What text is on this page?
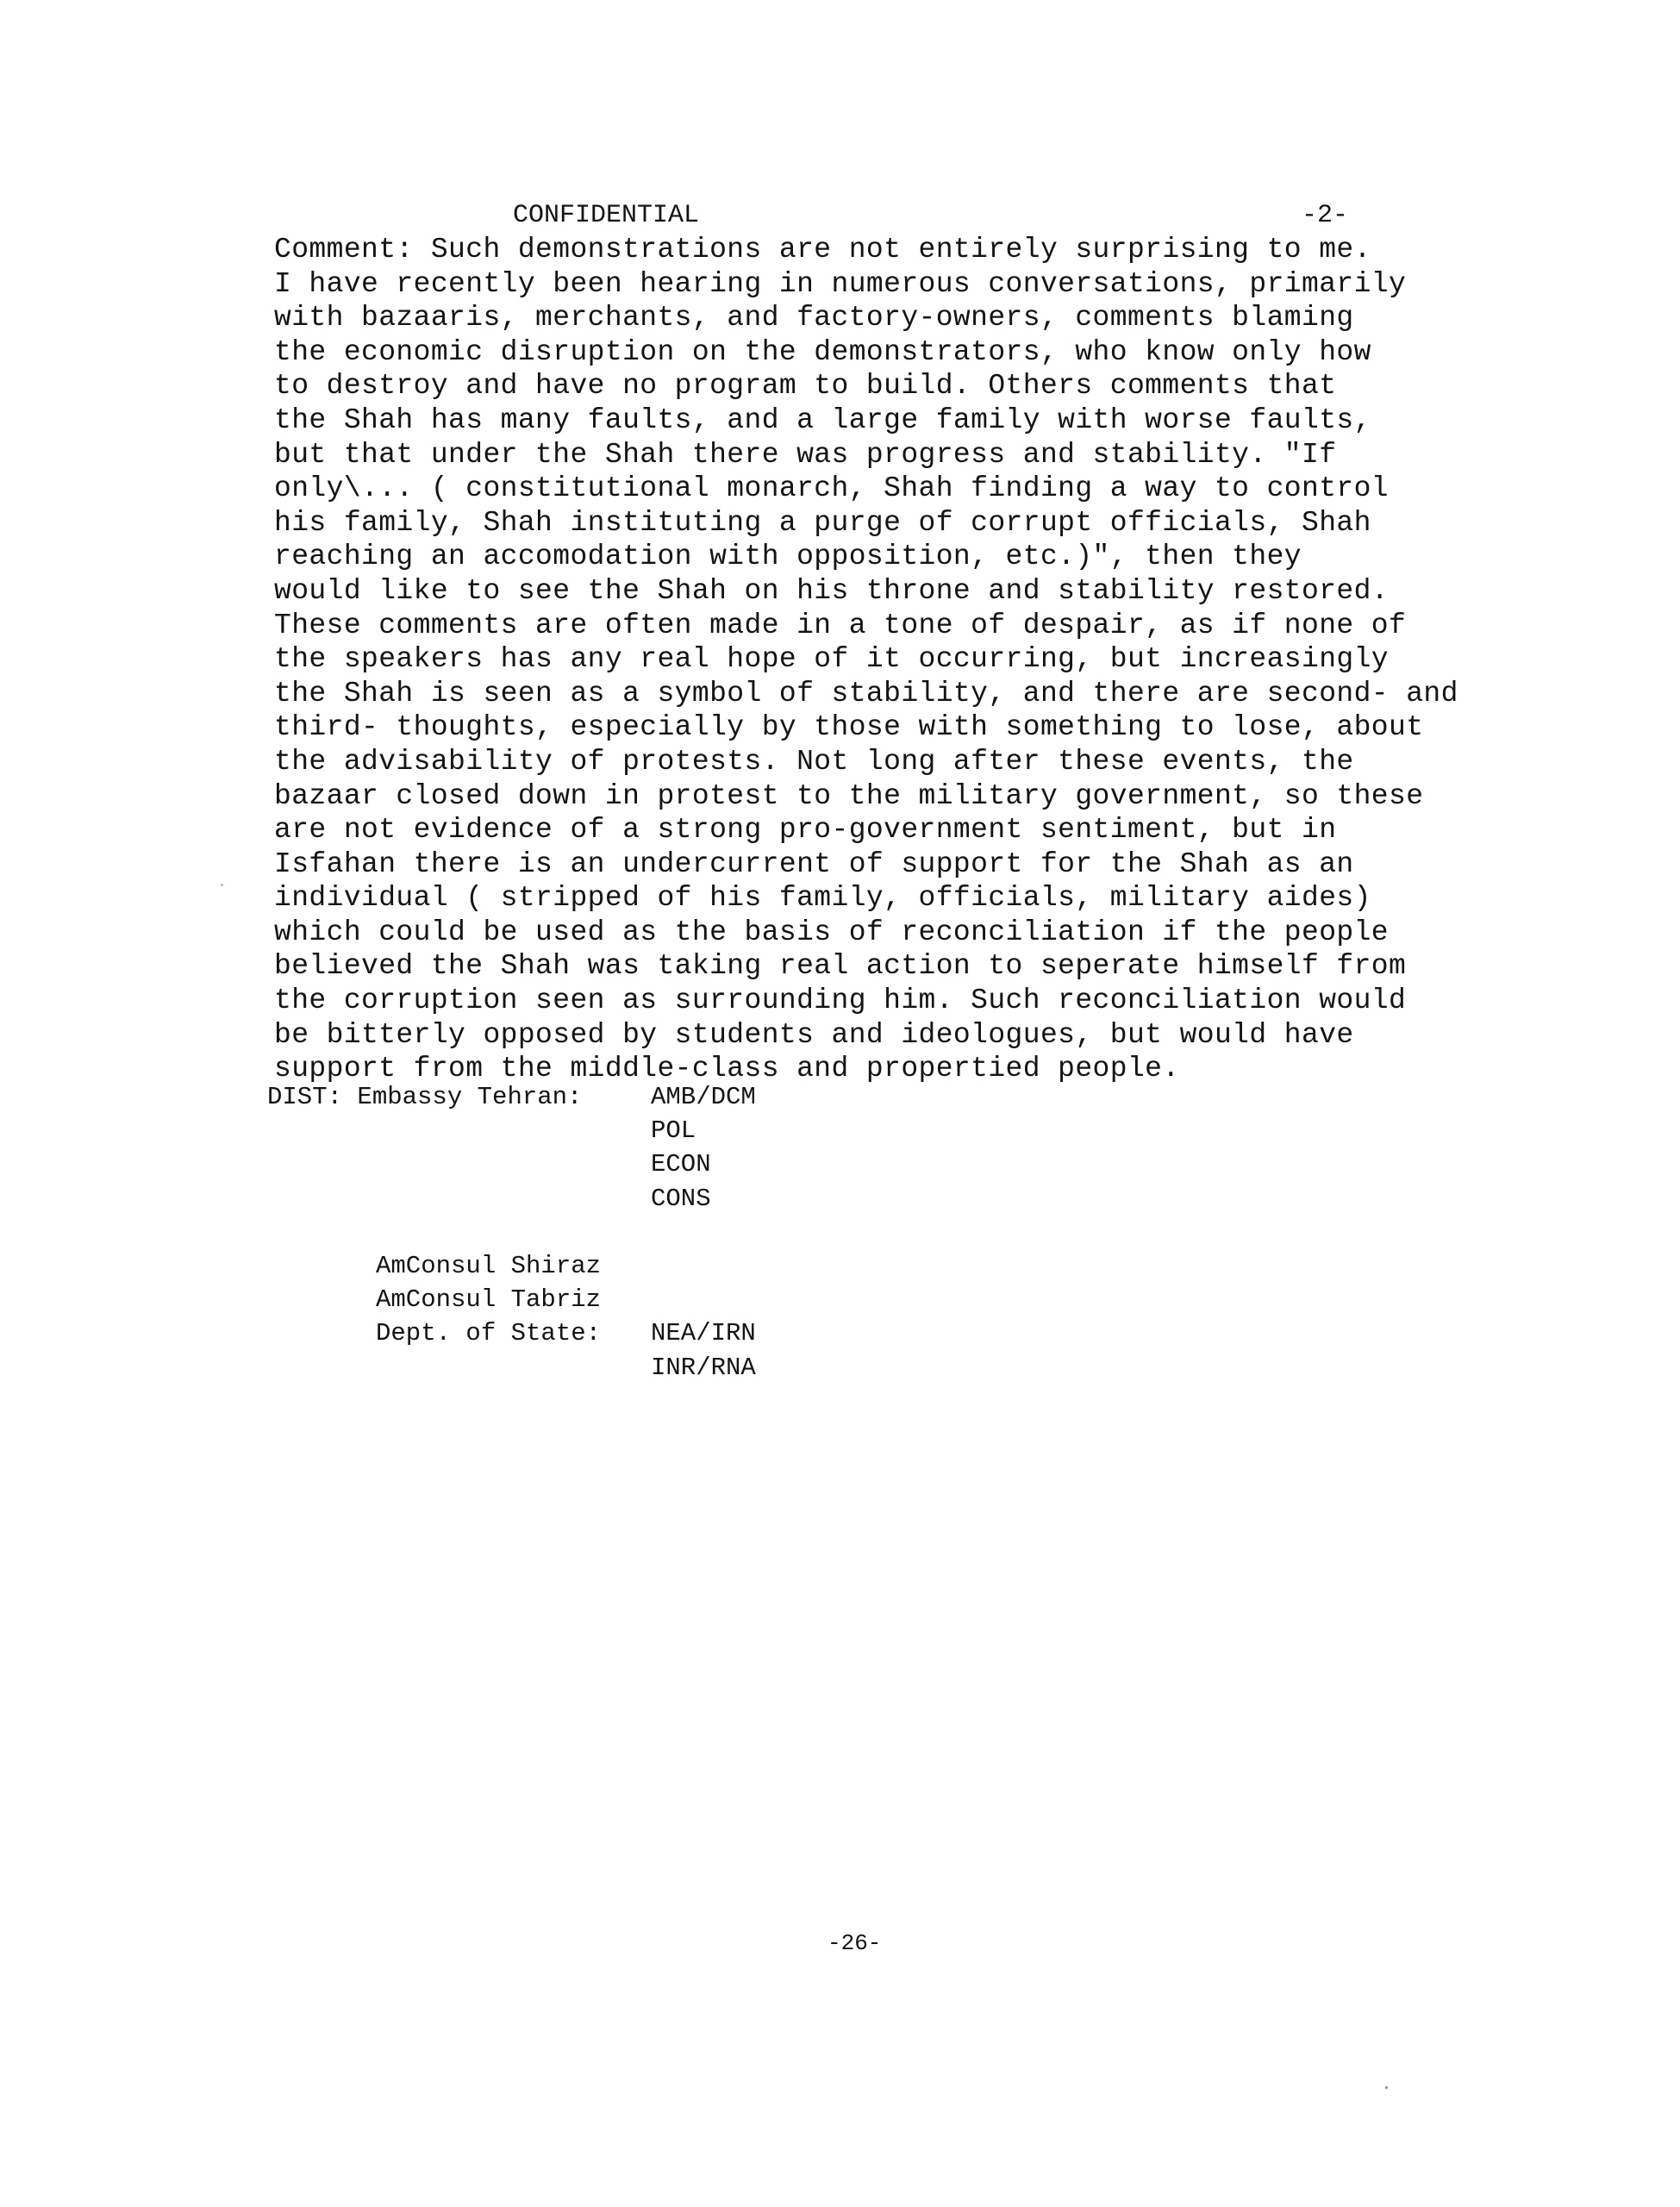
CONFIDENTIAL	-2-
Comment: Such demonstrations are not entirely surprising to me.
I have recently been hearing in numerous conversations, primarily
with bazaaris, merchants, and factory-owners, comments blaming
the economic disruption on the demonstrators, who know only how
to destroy and have no program to build. Others comments that
the Shah has many faults, and a large family with worse faults,
but that under the Shah there was progress and stability. "If
only\... ( constitutional monarch, Shah finding a way to control
his family, Shah instituting a purge of corrupt officials, Shah
reaching an accomodation with opposition, etc.)", then they
would like to see the Shah on his throne and stability restored.
These comments are often made in a tone of despair, as if none of
the speakers has any real hope of it occurring, but increasingly
the Shah is seen as a symbol of stability, and there are second- and
third- thoughts, especially by those with something to lose, about
the advisability of protests. Not long after these events, the
bazaar closed down in protest to the military government, so these
are not evidence of a strong pro-government sentiment, but in
Isfahan there is an undercurrent of support for the Shah as an
individual ( stripped of his family, officials, military aides)
which could be used as the basis of reconciliation if the people
believed the Shah was taking real action to seperate himself from
the corruption seen as surrounding him. Such reconciliation would
be bitterly opposed by students and ideologues, but would have
support from the middle-class and propertied people.
DIST: Embassy Tehran:	AMB/DCM
POL
ECON
CONS
AmConsul Shiraz
AmConsul Tabriz
Dept. of State: NEA/IRN
INR/RNA
-26-
